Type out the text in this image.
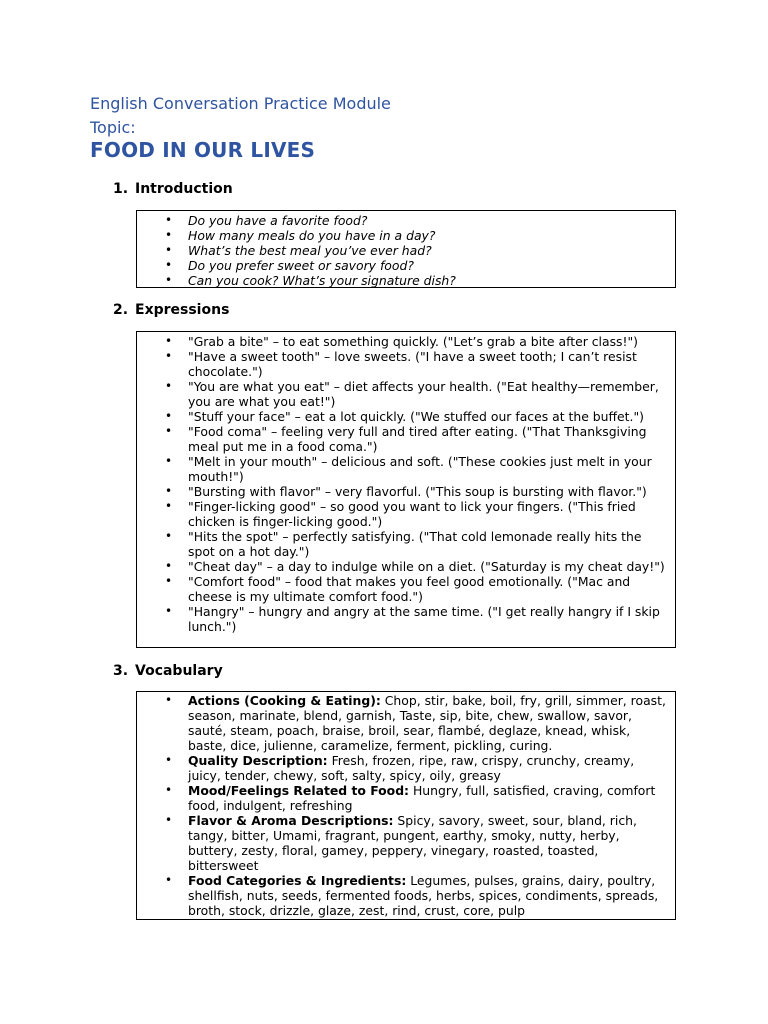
English Conversation Practice Module

Topic:

FOOD IN OUR LIVES
1. Introduction
• Do you have a favorite food?
• How many meals do you have in a day?
• What’s the best meal you’ve ever had?
• Do you prefer sweet or savory food?
• Can you cook? What’s your signature dish?
2. Expressions
• "Grab a bite" – to eat something quickly. ("Let’s grab a bite after class!")
• "Have a sweet tooth" – love sweets. ("I have a sweet tooth; I can’t resist chocolate.")
• "You are what you eat" – diet affects your health. ("Eat healthy—remember, you are what you eat!")
• "Stuff your face" – eat a lot quickly. ("We stuffed our faces at the buffet.")
• "Food coma" – feeling very full and tired after eating. ("That Thanksgiving meal put me in a food coma.")
• "Melt in your mouth" – delicious and soft. ("These cookies just melt in your mouth!")
• "Bursting with flavor" – very flavorful. ("This soup is bursting with flavor.")
• "Finger-licking good" – so good you want to lick your fingers. ("This fried chicken is finger-licking good.")
• "Hits the spot" – perfectly satisfying. ("That cold lemonade really hits the spot on a hot day.")
• "Cheat day" – a day to indulge while on a diet. ("Saturday is my cheat day!")
• "Comfort food" – food that makes you feel good emotionally. ("Mac and cheese is my ultimate comfort food.")
• "Hangry" – hungry and angry at the same time. ("I get really hangry if I skip lunch.")
3. Vocabulary
• Actions (Cooking & Eating): Chop, stir, bake, boil, fry, grill, simmer, roast, season, marinate, blend, garnish, Taste, sip, bite, chew, swallow, savor, sauté, steam, poach, braise, broil, sear, flambé, deglaze, knead, whisk, baste, dice, julienne, caramelize, ferment, pickling, curing.
• Quality Description: Fresh, frozen, ripe, raw, crispy, crunchy, creamy, juicy, tender, chewy, soft, salty, spicy, oily, greasy
• Mood/Feelings Related to Food: Hungry, full, satisfied, craving, comfort food, indulgent, refreshing
• Flavor & Aroma Descriptions: Spicy, savory, sweet, sour, bland, rich, tangy, bitter, Umami, fragrant, pungent, earthy, smoky, nutty, herby, buttery, zesty, floral, gamey, peppery, vinegary, roasted, toasted, bittersweet
• Food Categories & Ingredients: Legumes, pulses, grains, dairy, poultry, shellfish, nuts, seeds, fermented foods, herbs, spices, condiments, spreads, broth, stock, drizzle, glaze, zest, rind, crust, core, pulp
